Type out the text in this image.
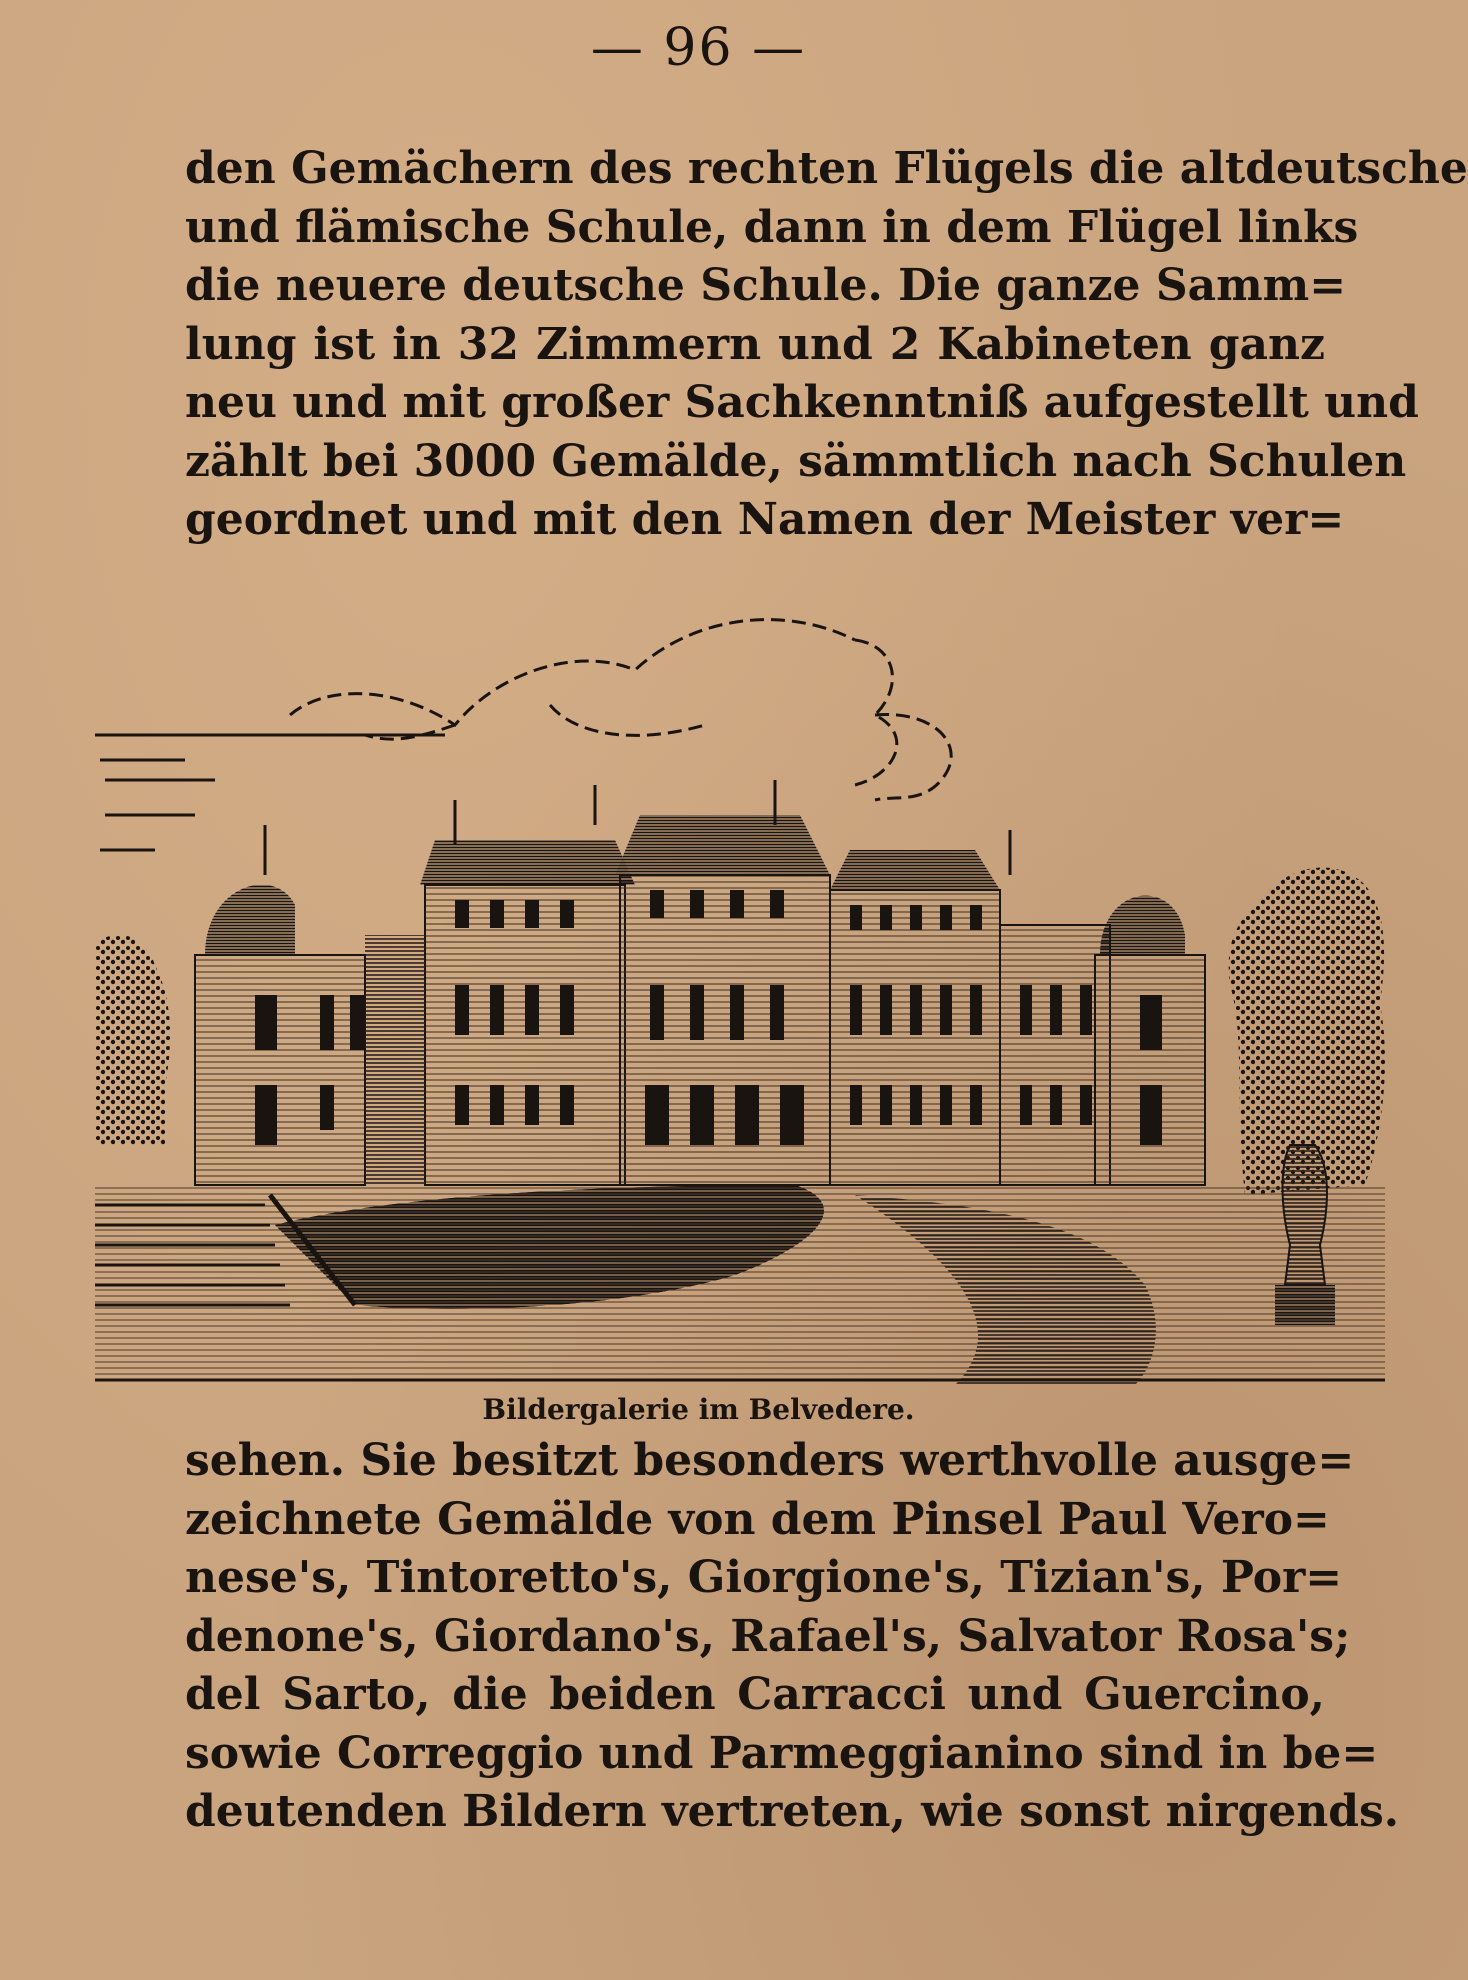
— 96 —
den Gemächern des rechten Flügels die altdeutsche
und flämische Schule, dann in dem Flügel links
die neuere deutsche Schule. Die ganze Samm=
lung ist in 32 Zimmern und 2 Kabineten ganz
neu und mit großer Sachkenntniß aufgestellt und
zählt bei 3000 Gemälde, sämmtlich nach Schulen
geordnet und mit den Namen der Meister ver=
Bildergalerie im Belvedere.
sehen. Sie besitzt besonders werthvolle ausge=
zeichnete Gemälde von dem Pinsel Paul Vero=
nese's, Tintoretto's, Giorgione's, Tizian's, Por=
denone's, Giordano's, Rafael's, Salvator Rosa's;
del Sarto, die beiden Carracci und Guercino,
sowie Correggio und Parmeggianino sind in be=
deutenden Bildern vertreten, wie sonst nirgends.
